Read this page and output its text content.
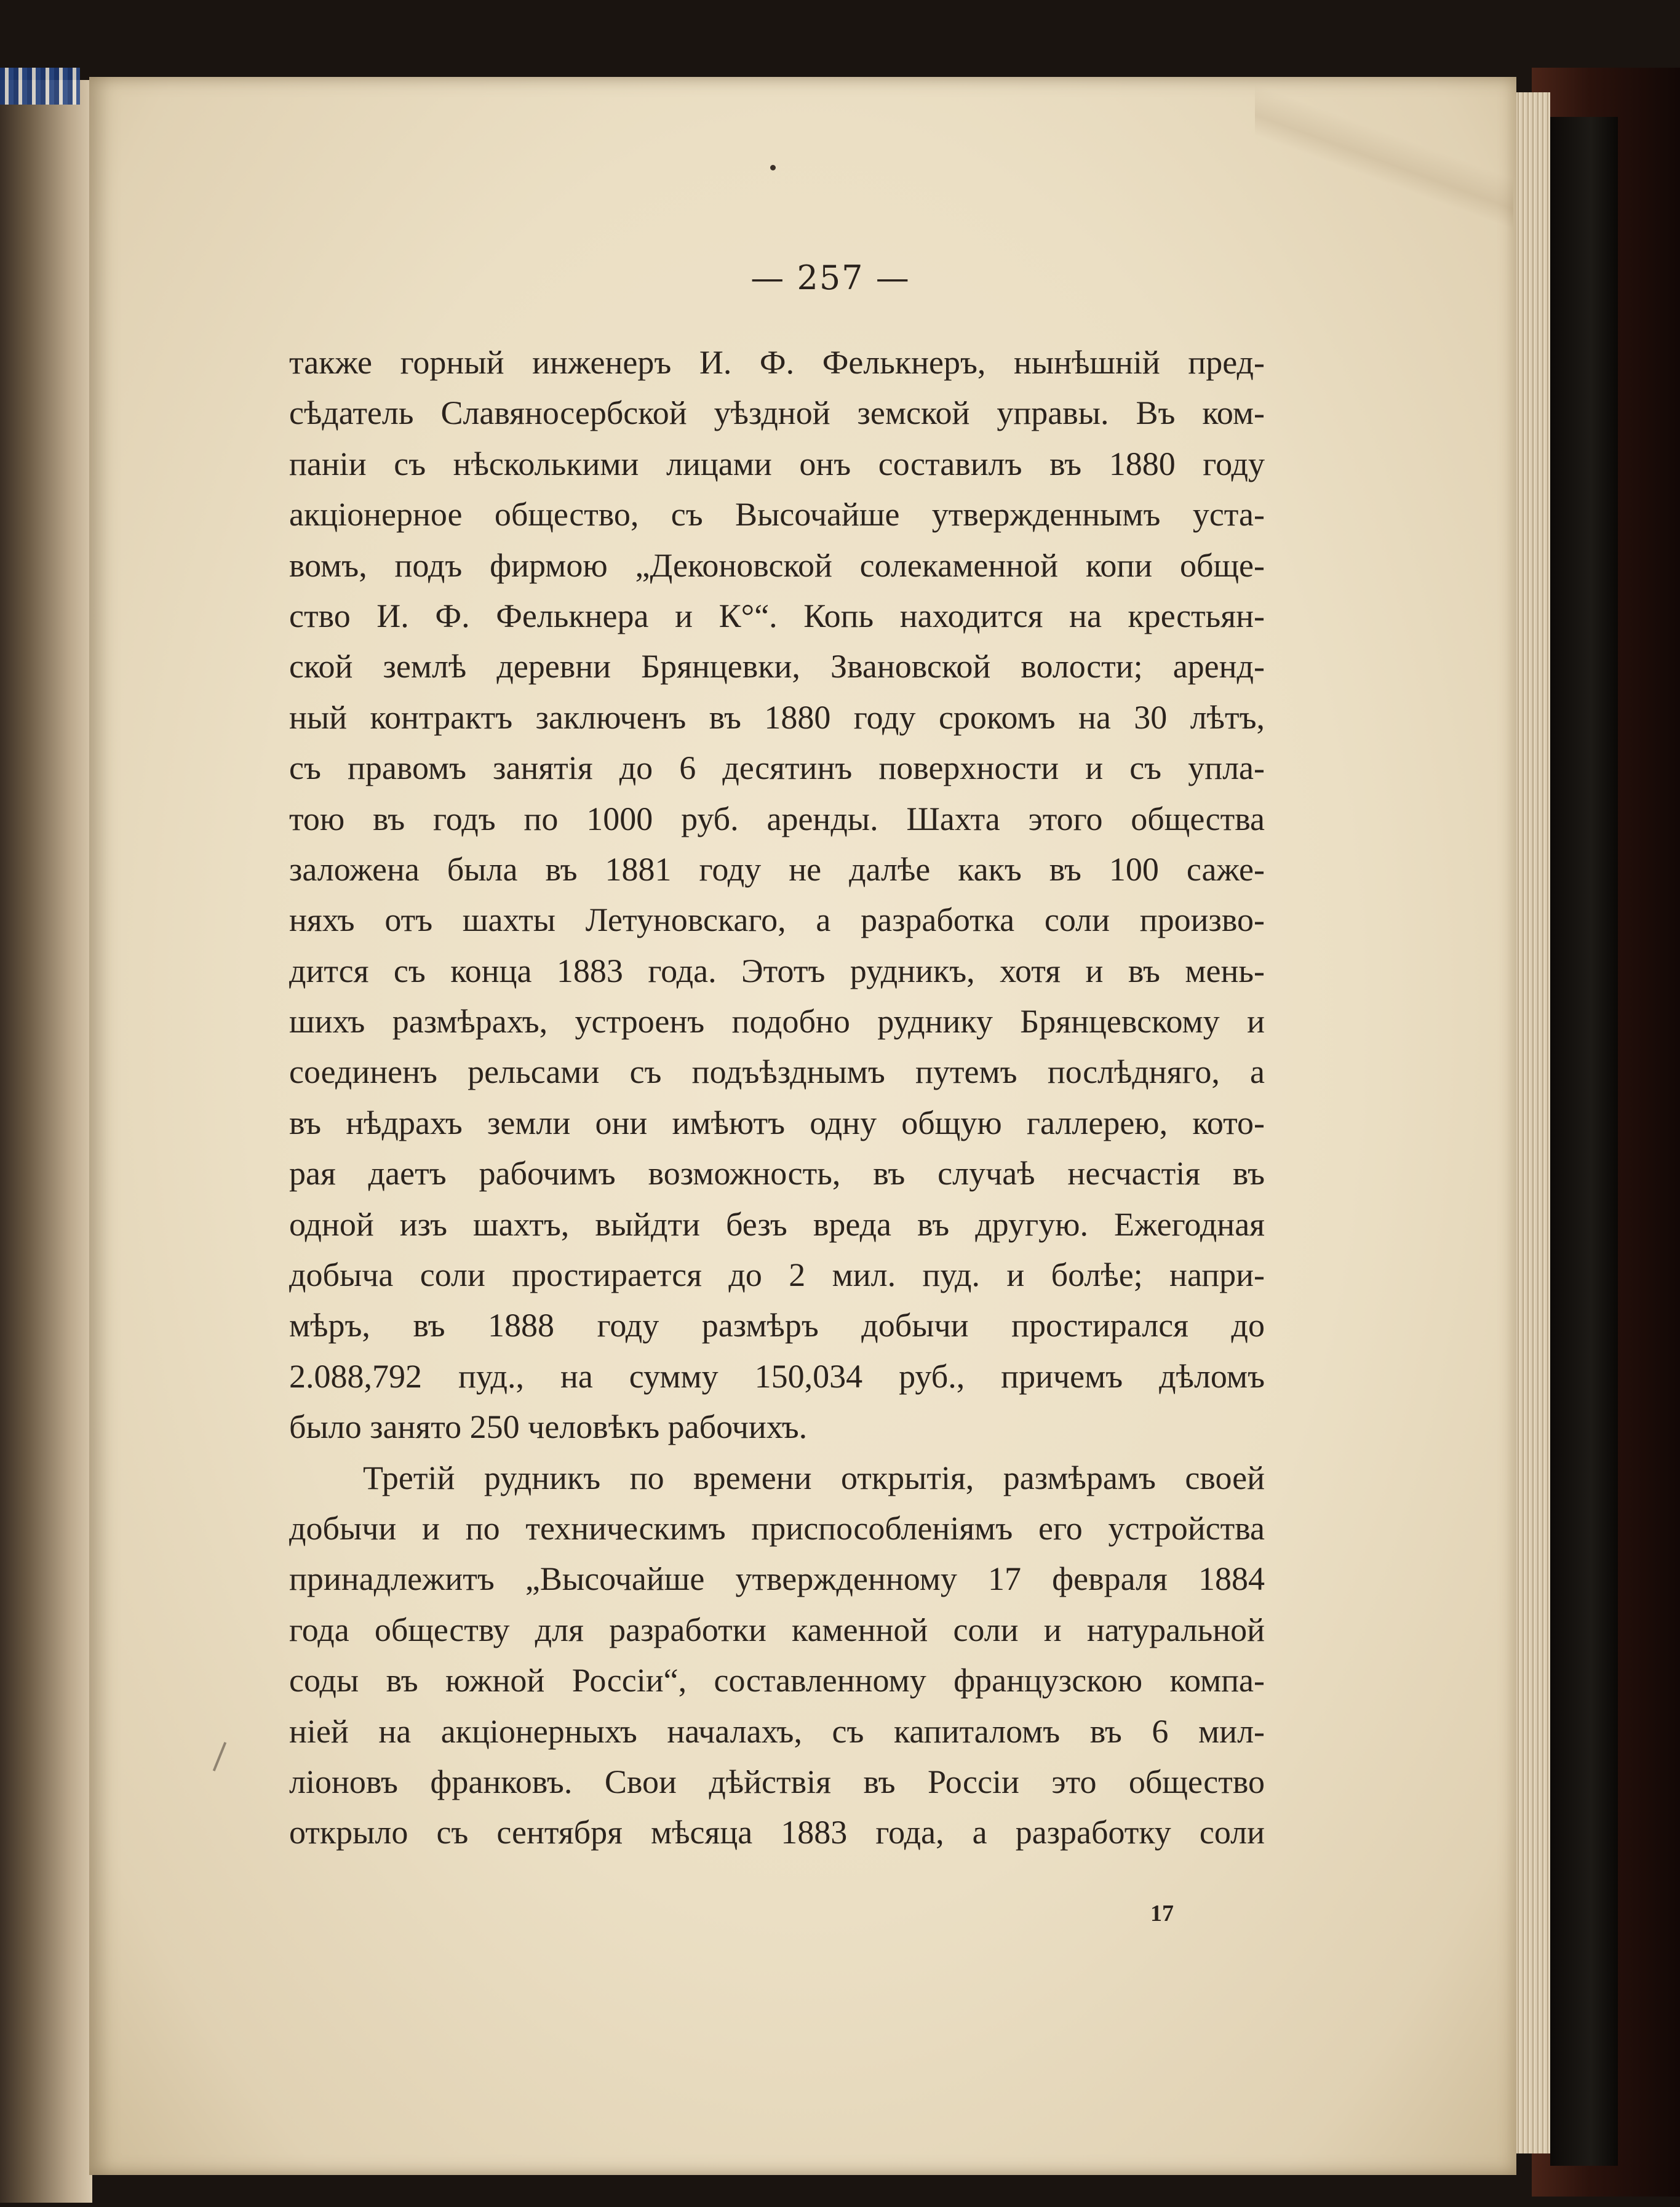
— 257 —
также горный инженеръ И. Ф. Фелькнеръ, нынѣшній пред-
сѣдатель Славяносербской уѣздной земской управы. Въ ком-
паніи съ нѣсколькими лицами онъ составилъ въ 1880 году
акціонерное общество, съ Высочайше утвержденнымъ уста-
вомъ, подъ фирмою „Деконовской солекаменной копи обще-
ство И. Ф. Фелькнера и К°“. Копь находится на крестьян-
ской землѣ деревни Брянцевки, Звановской волости; аренд-
ный контрактъ заключенъ въ 1880 году срокомъ на 30 лѣтъ,
съ правомъ занятія до 6 десятинъ поверхности и съ упла-
тою въ годъ по 1000 руб. аренды. Шахта этого общества
заложена была въ 1881 году не далѣе какъ въ 100 саже-
няхъ отъ шахты Летуновскаго, а разработка соли произво-
дится съ конца 1883 года. Этотъ рудникъ, хотя и въ мень-
шихъ размѣрахъ, устроенъ подобно руднику Брянцевскому и
соединенъ рельсами съ подъѣзднымъ путемъ послѣдняго, а
въ нѣдрахъ земли они имѣютъ одну общую галлерею, кото-
рая даетъ рабочимъ возможность, въ случаѣ несчастія въ
одной изъ шахтъ, выйдти безъ вреда въ другую. Ежегодная
добыча соли простирается до 2 мил. пуд. и болѣе; напри-
мѣръ, въ 1888 году размѣръ добычи простирался до
2.088,792 пуд., на сумму 150,034 руб., причемъ дѣломъ
было занято 250 человѣкъ рабочихъ.
Третій рудникъ по времени открытія, размѣрамъ своей
добычи и по техническимъ приспособленіямъ его устройства
принадлежитъ „Высочайше утвержденному 17 февраля 1884
года обществу для разработки каменной соли и натуральной
соды въ южной Россіи“, составленному французскою компа-
ніей на акціонерныхъ началахъ, съ капиталомъ въ 6 мил-
ліоновъ франковъ. Свои дѣйствія въ Россіи это общество
открыло съ сентября мѣсяца 1883 года, а разработку соли
17
